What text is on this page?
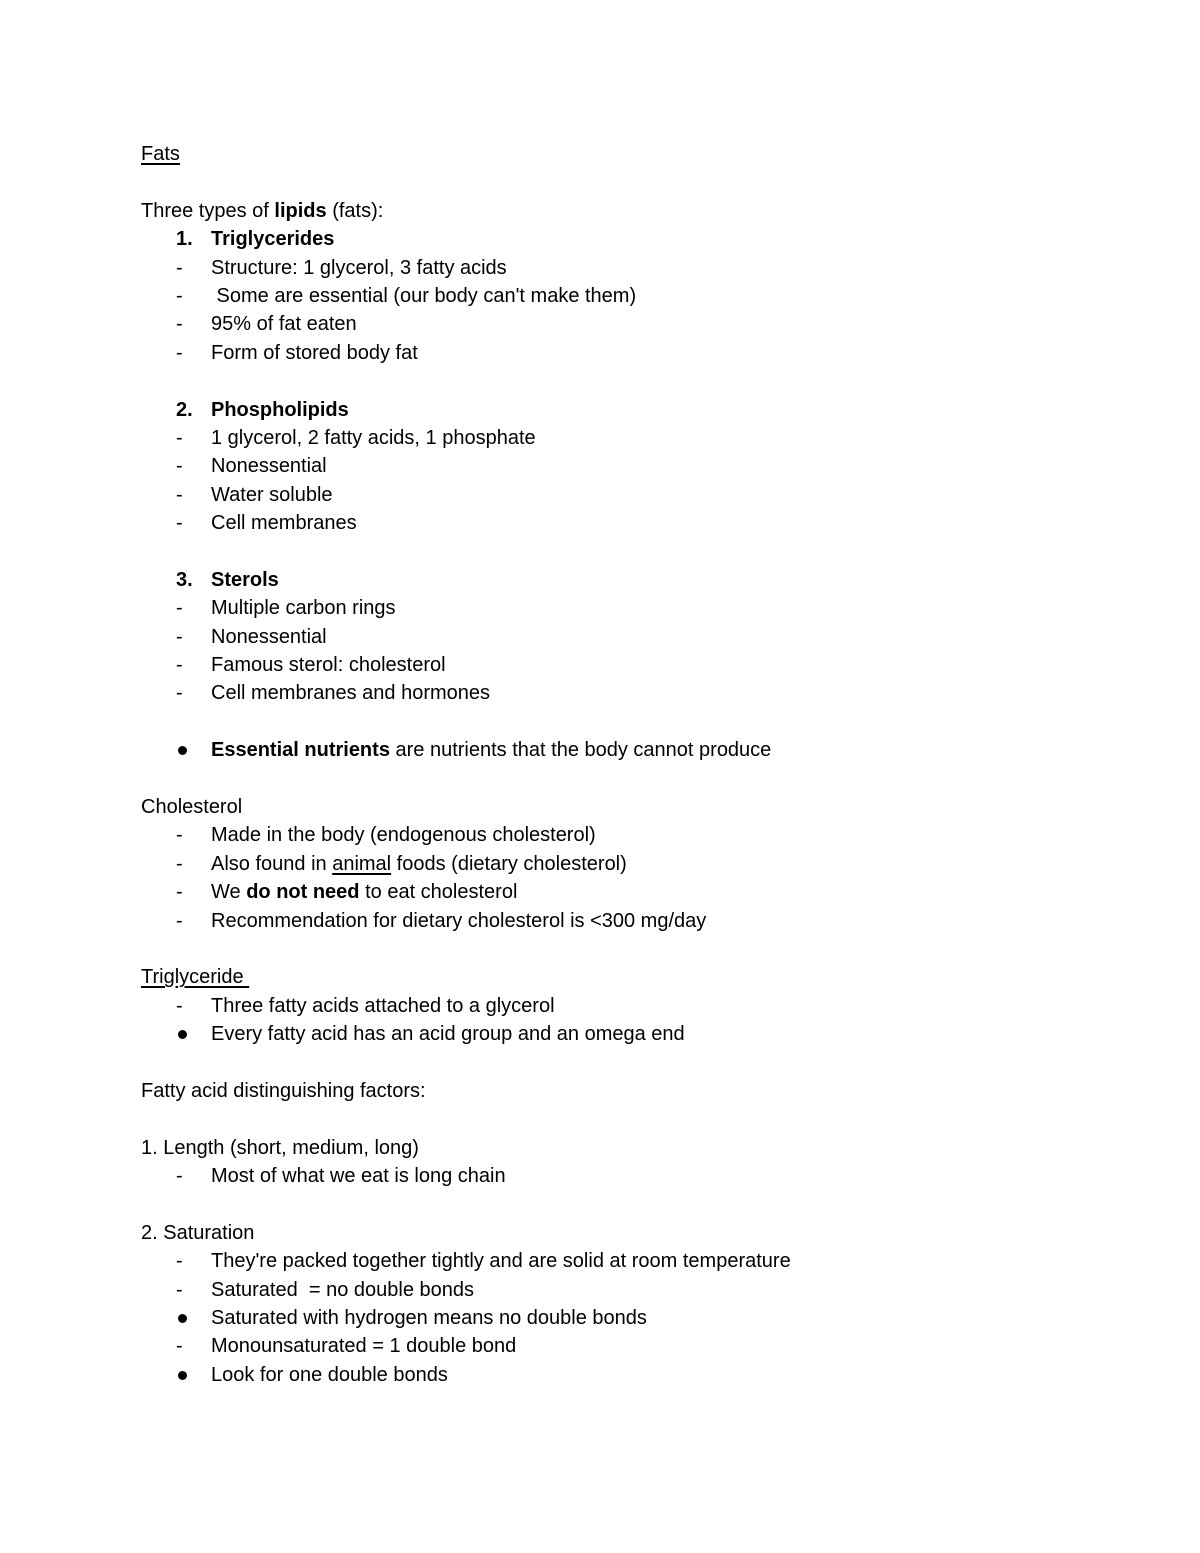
Fats
Three types of lipids (fats):
1. Triglycerides
-	Structure: 1 glycerol, 3 fatty acids
-	Some are essential (our body can't make them)
-	95% of fat eaten
-	Form of stored body fat
2. Phospholipids
-	1 glycerol, 2 fatty acids, 1 phosphate
-	Nonessential
-	Water soluble
-	Cell membranes
3. Sterols
-	Multiple carbon rings
-	Nonessential
-	Famous sterol: cholesterol
-	Cell membranes and hormones
Essential nutrients are nutrients that the body cannot produce
Cholesterol
-	Made in the body (endogenous cholesterol)
-	Also found in animal foods (dietary cholesterol)
-	We do not need to eat cholesterol
-	Recommendation for dietary cholesterol is <300 mg/day
Triglyceride
-	Three fatty acids attached to a glycerol
Every fatty acid has an acid group and an omega end
Fatty acid distinguishing factors:
1. Length (short, medium, long)
-	Most of what we eat is long chain
2. Saturation
-	They're packed together tightly and are solid at room temperature
-	Saturated  = no double bonds
Saturated with hydrogen means no double bonds
-	Monounsaturated = 1 double bond
Look for one double bonds
